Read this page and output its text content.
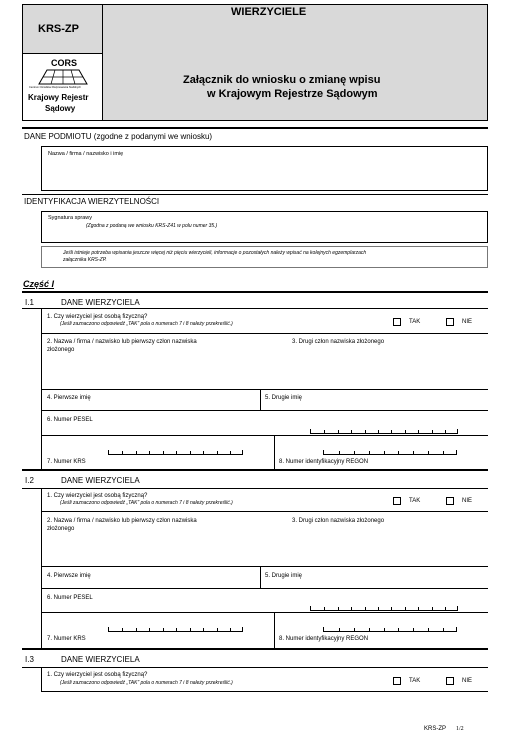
KRS-ZP
CORS
Centrum Ośrodków Rozpisowania Stabilnych
Krajowy Rejestr
Sądowy
WIERZYCIELE
Załącznik do wniosku o zmianę wpisu
w Krajowym Rejestrze Sądowym
DANE PODMIOTU (zgodne z podanymi we wniosku)
Nazwa / firma / nazwisko i imię
IDENTYFIKACJA WIERZYTELNOŚCI
Sygnatura sprawy
(Zgodna z podaną we wniosku KRS-Z41 w polu numer 35.)
Jeśli istnieje potrzeba wpisania jeszcze więcej niż pięciu wierzycieli, informacje o pozostałych należy wpisać na kolejnych egzemplarzach
załącznika KRS-ZP.
Część I
I.1	DANE WIERZYCIELA
1. Czy wierzyciel jest osobą fizyczną?
(Jeśli zaznaczono odpowiedź „TAK” pola o numerach 7 i 8 należy przekreślić.)	TAK	NIE
2. Nazwa / firma / nazwisko lub pierwszy człon nazwiska
złożonego
3. Drugi człon nazwiska złożonego
4. Pierwsze imię	5. Drugie imię
6. Numer PESEL
7. Numer KRS	8. Numer identyfikacyjny REGON
I.2	DANE WIERZYCIELA
1. Czy wierzyciel jest osobą fizyczną?
(Jeśli zaznaczono odpowiedź „TAK” pola o numerach 7 i 8 należy przekreślić.)	TAK	NIE
2. Nazwa / firma / nazwisko lub pierwszy człon nazwiska
złożonego
3. Drugi człon nazwiska złożonego
4. Pierwsze imię	5. Drugie imię
6. Numer PESEL
7. Numer KRS	8. Numer identyfikacyjny REGON
I.3	DANE WIERZYCIELA
1. Czy wierzyciel jest osobą fizyczną?
(Jeśli zaznaczono odpowiedź „TAK” pola o numerach 7 i 8 należy przekreślić.)	TAK	NIE
KRS-ZP 1/2
